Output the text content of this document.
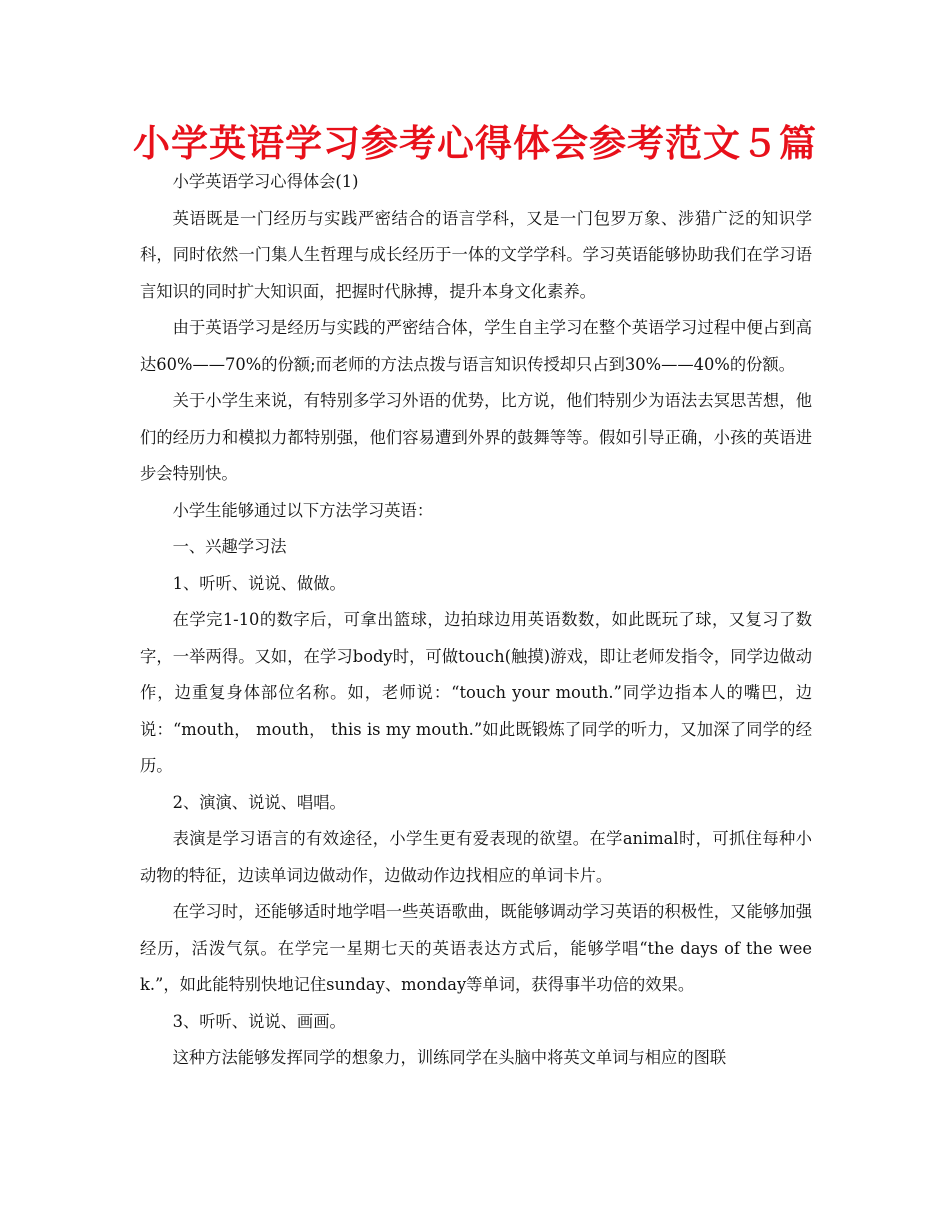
小学英语学习参考心得体会参考范文５篇

小学英语学习心得体会(1)

英语既是一门经历与实践严密结合的语言学科，又是一门包罗万象、涉猎广泛的知识学科，同时依然一门集人生哲理与成长经历于一体的文学学科。学习英语能够协助我们在学习语言知识的同时扩大知识面，把握时代脉搏，提升本身文化素养。

由于英语学习是经历与实践的严密结合体，学生自主学习在整个英语学习过程中便占到高达60%——70%的份额;而老师的方法点拨与语言知识传授却只占到30%——40%的份额。

关于小学生来说，有特别多学习外语的优势，比方说，他们特别少为语法去冥思苦想，他们的经历力和模拟力都特别强，他们容易遭到外界的鼓舞等等。假如引导正确，小孩的英语进步会特别快。

小学生能够通过以下方法学习英语：

一、兴趣学习法

1、听听、说说、做做。

在学完1-10的数字后，可拿出篮球，边拍球边用英语数数，如此既玩了球，又复习了数字，一举两得。又如，在学习body时，可做touch(触摸)游戏，即让老师发指令，同学边做动作，边重复身体部位名称。如，老师说：“touch your mouth.”同学边指本人的嘴巴，边说：“mouth， mouth， this is my mouth.”如此既锻炼了同学的听力，又加深了同学的经历。

2、演演、说说、唱唱。

表演是学习语言的有效途径，小学生更有爱表现的欲望。在学animal时，可抓住每种小动物的特征，边读单词边做动作，边做动作边找相应的单词卡片。

在学习时，还能够适时地学唱一些英语歌曲，既能够调动学习英语的积极性，又能够加强经历，活泼气氛。在学完一星期七天的英语表达方式后，能够学唱“the days of the week.”，如此能特别快地记住sunday、monday等单词，获得事半功倍的效果。

3、听听、说说、画画。

这种方法能够发挥同学的想象力，训练同学在头脑中将英文单词与相应的图联
